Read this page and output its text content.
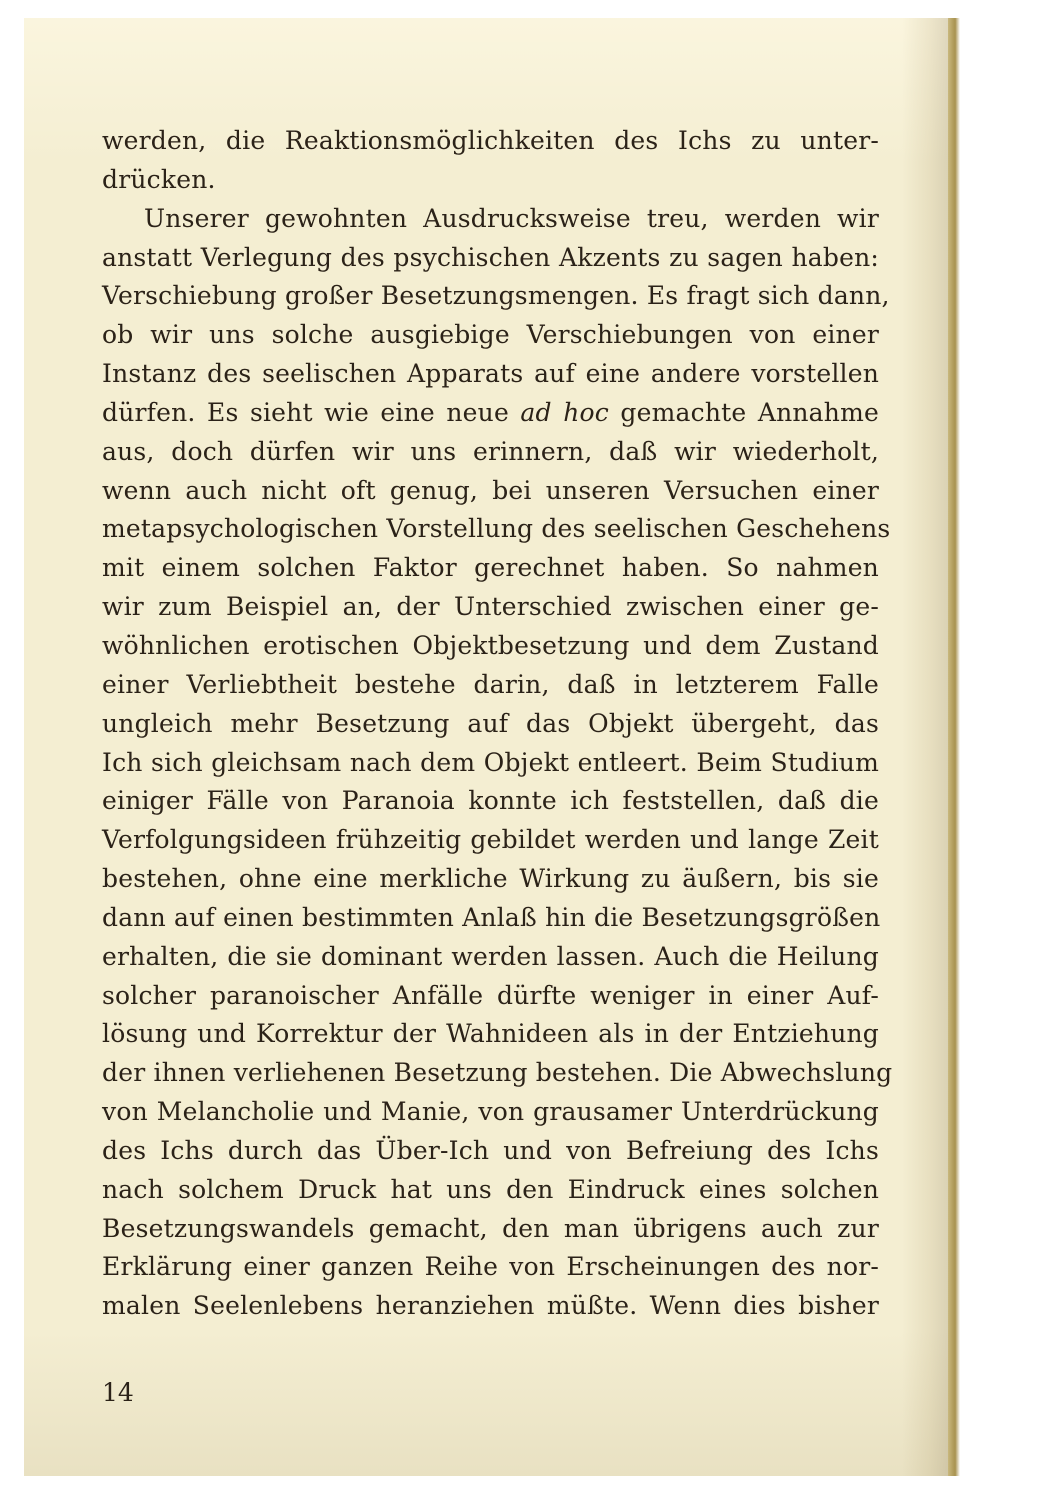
werden, die Reaktionsmöglichkeiten des Ichs zu unter-
drücken.
Unserer gewohnten Ausdrucksweise treu, werden wir
anstatt Verlegung des psychischen Akzents zu sagen haben:
Verschiebung großer Besetzungsmengen. Es fragt sich dann,
ob wir uns solche ausgiebige Verschiebungen von einer
Instanz des seelischen Apparats auf eine andere vorstellen
dürfen. Es sieht wie eine neue ad hoc gemachte Annahme
aus, doch dürfen wir uns erinnern, daß wir wiederholt,
wenn auch nicht oft genug, bei unseren Versuchen einer
metapsychologischen Vorstellung des seelischen Geschehens
mit einem solchen Faktor gerechnet haben. So nahmen
wir zum Beispiel an, der Unterschied zwischen einer ge-
wöhnlichen erotischen Objektbesetzung und dem Zustand
einer Verliebtheit bestehe darin, daß in letzterem Falle
ungleich mehr Besetzung auf das Objekt übergeht, das
Ich sich gleichsam nach dem Objekt entleert. Beim Studium
einiger Fälle von Paranoia konnte ich feststellen, daß die
Verfolgungsideen frühzeitig gebildet werden und lange Zeit
bestehen, ohne eine merkliche Wirkung zu äußern, bis sie
dann auf einen bestimmten Anlaß hin die Besetzungsgrößen
erhalten, die sie dominant werden lassen. Auch die Heilung
solcher paranoischer Anfälle dürfte weniger in einer Auf-
lösung und Korrektur der Wahnideen als in der Entziehung
der ihnen verliehenen Besetzung bestehen. Die Abwechslung
von Melancholie und Manie, von grausamer Unterdrückung
des Ichs durch das Über-Ich und von Befreiung des Ichs
nach solchem Druck hat uns den Eindruck eines solchen
Besetzungswandels gemacht, den man übrigens auch zur
Erklärung einer ganzen Reihe von Erscheinungen des nor-
malen Seelenlebens heranziehen müßte. Wenn dies bisher
14
